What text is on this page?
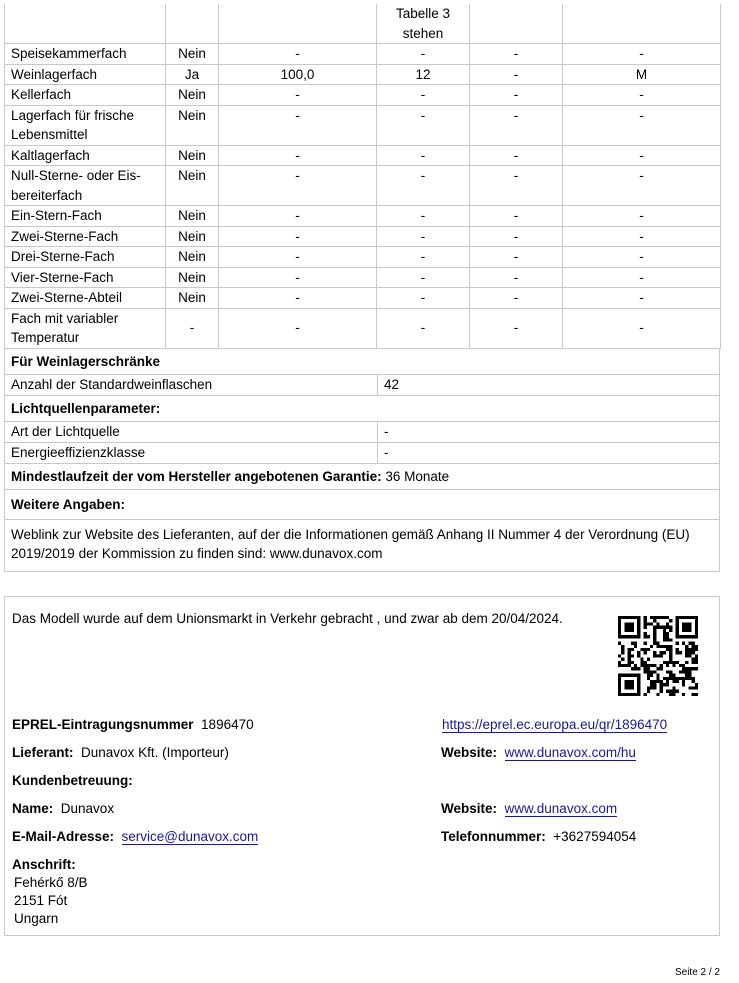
			Tabelle 3 stehen		
Speisekammerfach	Nein	-	-	-	-
Weinlagerfach	Ja	100,0	12	-	M
Kellerfach	Nein	-	-	-	-
Lagerfach für frische Lebensmittel	Nein	-	-	-	-
Kaltlagerfach	Nein	-	-	-	-
Null-Sterne- oder Eis-bereiterfach	Nein	-	-	-	-
Ein-Stern-Fach	Nein	-	-	-	-
Zwei-Sterne-Fach	Nein	-	-	-	-
Drei-Sterne-Fach	Nein	-	-	-	-
Vier-Sterne-Fach	Nein	-	-	-	-
Zwei-Sterne-Abteil	Nein	-	-	-	-
Fach mit variabler Temperatur	-	-	-	-	-
Für Weinlagerschränke
Anzahl der Standardweinflaschen	42
Lichtquellenparameter:
Art der Lichtquelle	-
Energieeffizienzklasse	-
Mindestlaufzeit der vom Hersteller angebotenen Garantie: 36 Monate
Weitere Angaben:
Weblink zur Website des Lieferanten, auf der die Informationen gemäß Anhang II Nummer 4 der Verordnung (EU) 2019/2019 der Kommission zu finden sind: www.dunavox.com
Das Modell wurde auf dem Unionsmarkt in Verkehr gebracht , und zwar ab dem 20/04/2024.
EPREL-Eintragungsnummer 1896470	https://eprel.ec.europa.eu/qr/1896470
Lieferant: Dunavox Kft. (Importeur)	Website: www.dunavox.com/hu
Kundenbetreuung:
Name: Dunavox	Website: www.dunavox.com
E-Mail-Adresse: service@dunavox.com	Telefonnummer: +3627594054
Anschrift:
Fehérkő 8/B
2151 Fót
Ungarn
Seite 2 / 2
